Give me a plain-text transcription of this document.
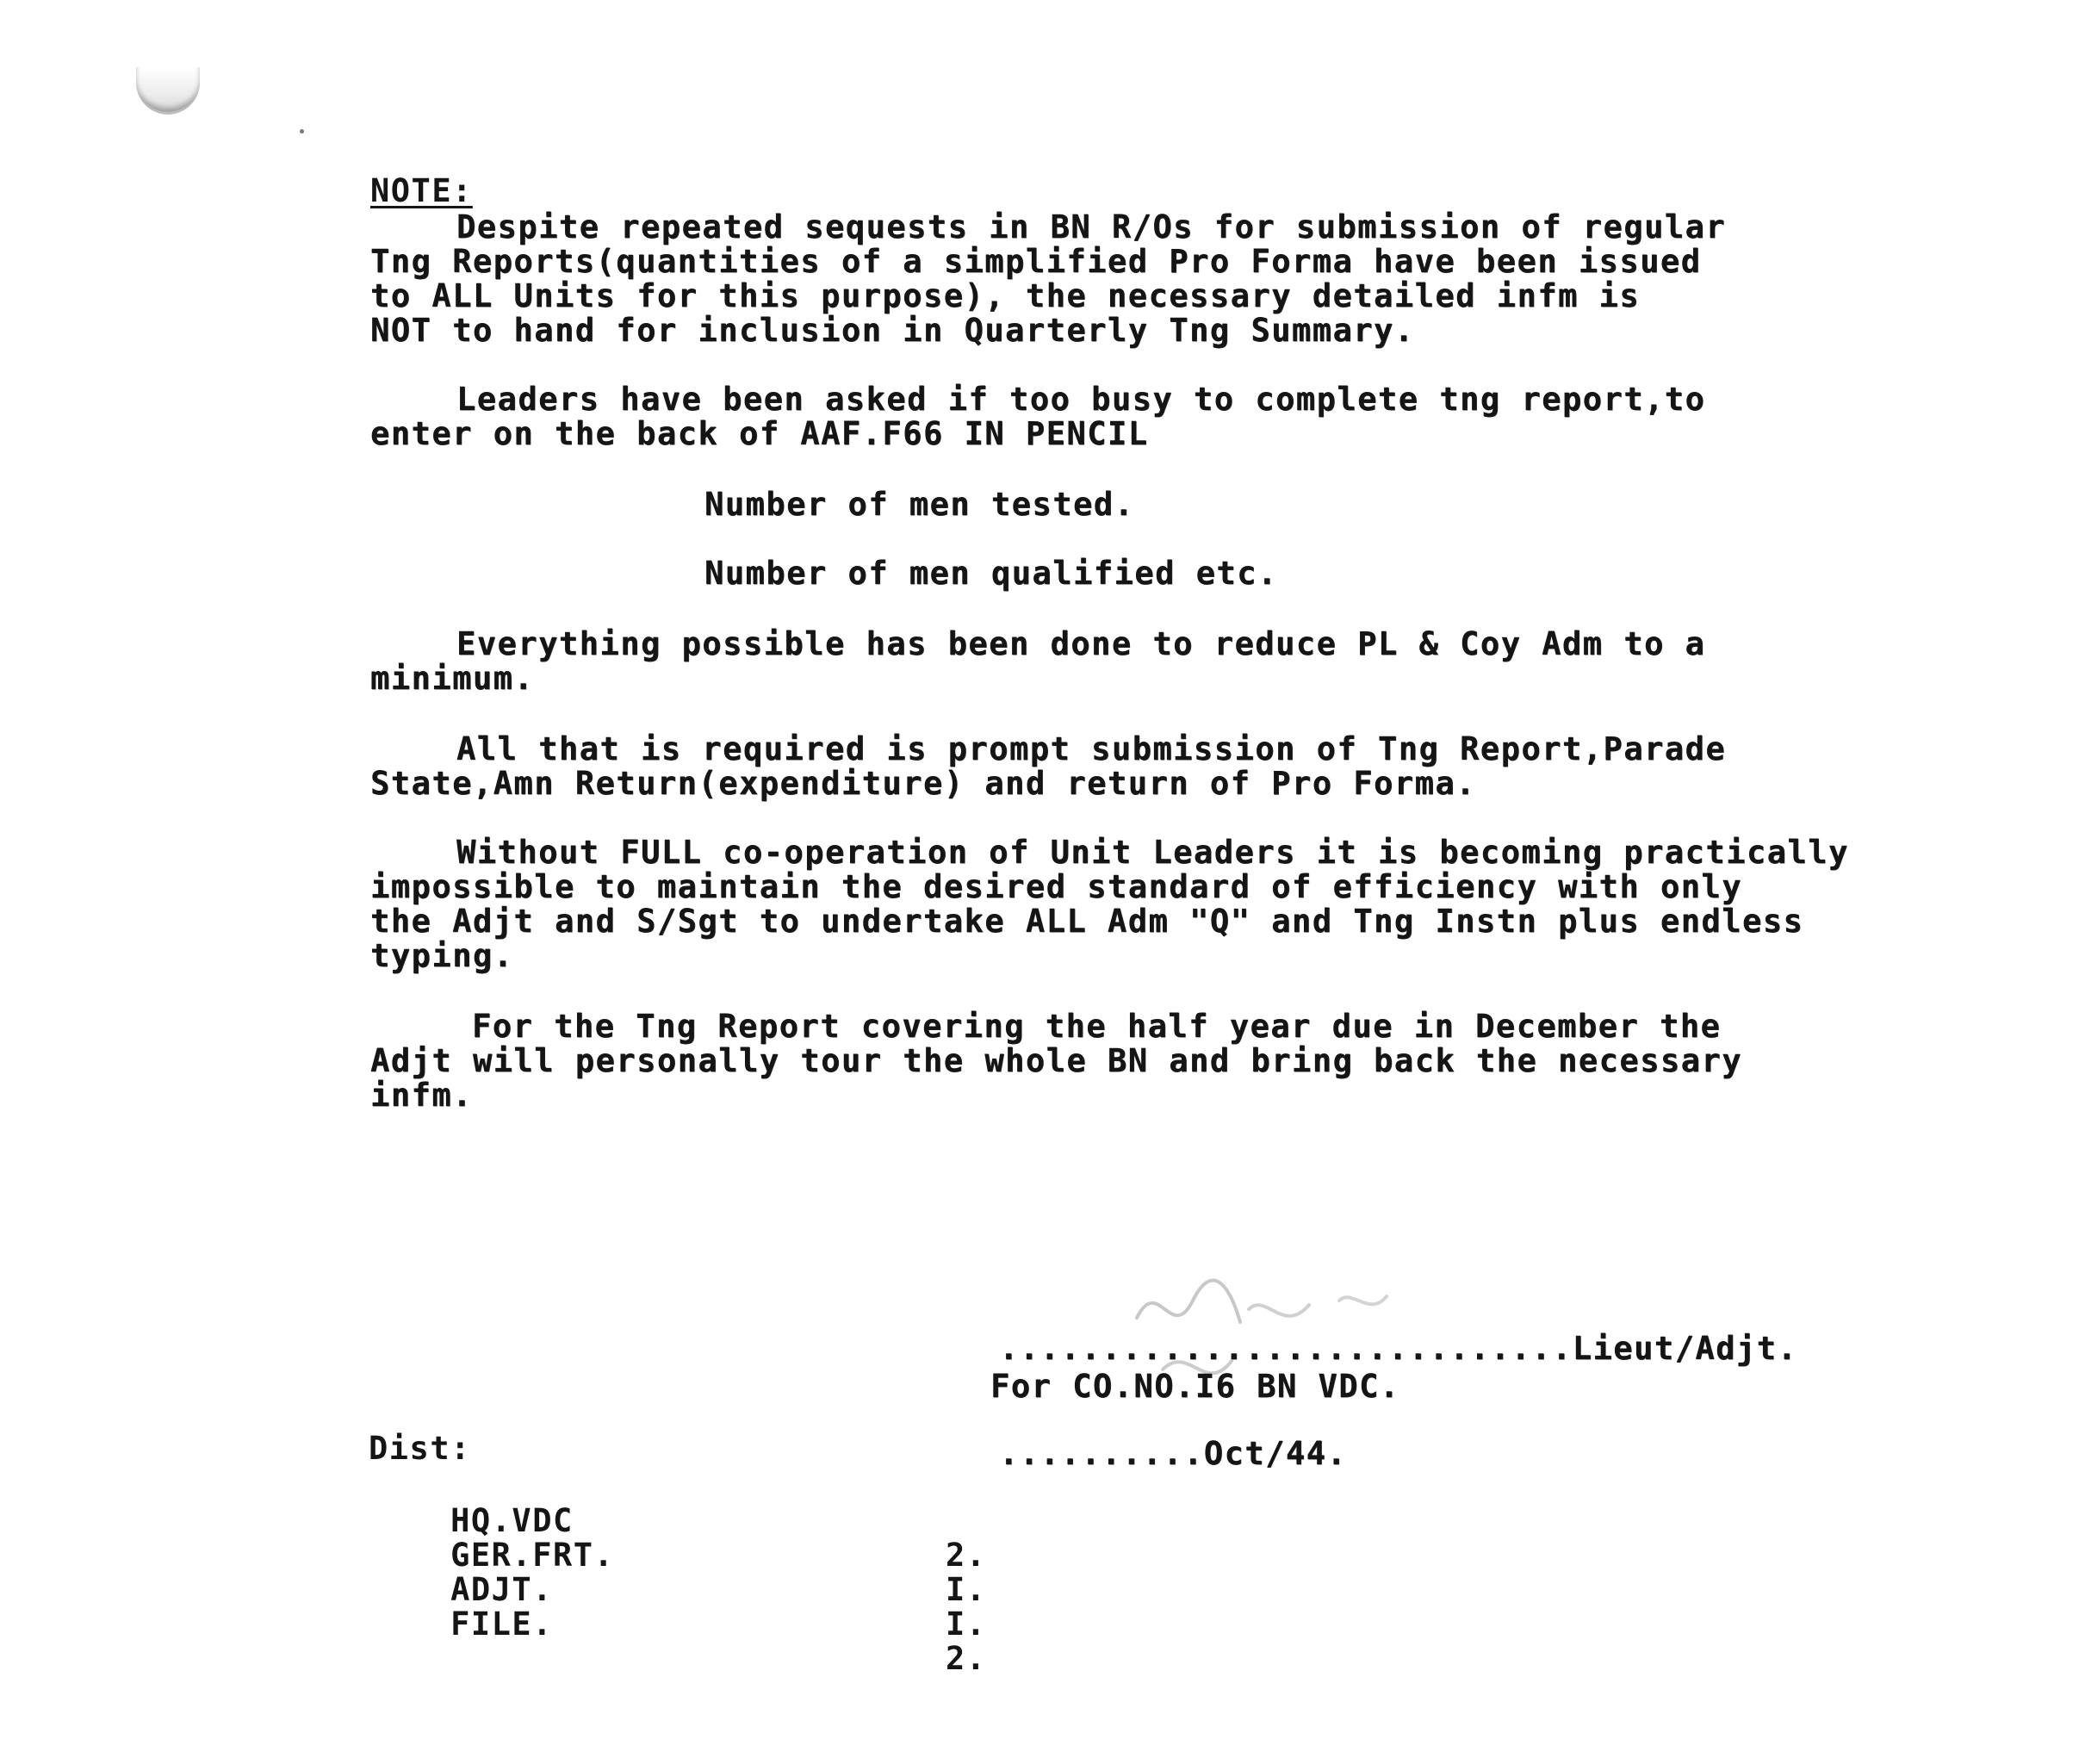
NOTE:
Despite repeated sequests in BN R/Os for submission of regular
Tng Reports(quantities of a simplified Pro Forma have been issued
to ALL Units for this purpose), the necessary detailed infm is
NOT to hand for inclusion in Quarterly Tng Summary.
Leaders have been asked if too busy to complete tng report,to
enter on the back of AAF.F66 IN PENCIL
Number of men tested.
Number of men qualified etc.
Everything possible has been done to reduce PL & Coy Adm to a
minimum.
All that is required is prompt submission of Tng Report,Parade
State,Amn Return(expenditure) and return of Pro Forma.
Without FULL co-operation of Unit Leaders it is becoming practically
impossible to maintain the desired standard of efficiency with only
the Adjt and S/Sgt to undertake ALL Adm "Q" and Tng Instn plus endless
typing.
For the Tng Report covering the half year due in December the
Adjt will personally tour the whole BN and bring back the necessary
infm.
............................Lieut/Adjt.
For CO.NO.I6 BN VDC.
..........Oct/44.
Dist:

HQ.VDC

2.

GER.FRT.

I.

ADJT.

I.

FILE.

2.
